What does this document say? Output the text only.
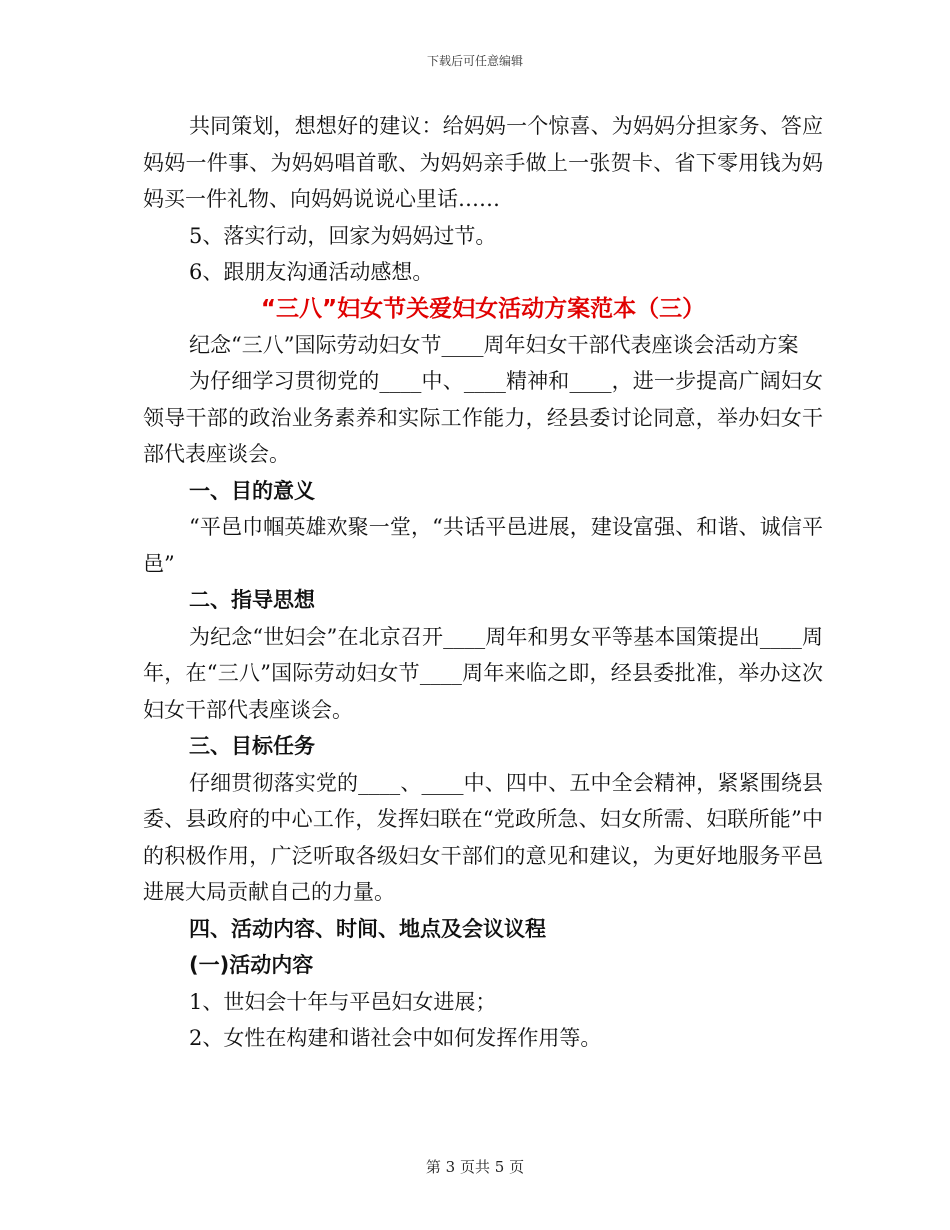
下载后可任意编辑

共同策划，想想好的建议：给妈妈一个惊喜、为妈妈分担家务、答应妈妈一件事、为妈妈唱首歌、为妈妈亲手做上一张贺卡、省下零用钱为妈妈买一件礼物、向妈妈说说心里话……

5、落实行动，回家为妈妈过节。

6、跟朋友沟通活动感想。

“三八”妇女节关爱妇女活动方案范本（三）

纪念“三八”国际劳动妇女节____周年妇女干部代表座谈会活动方案

为仔细学习贯彻党的____中、____精神和____，进一步提高广阔妇女领导干部的政治业务素养和实际工作能力，经县委讨论同意，举办妇女干部代表座谈会。

一、目的意义

“平邑巾帼英雄欢聚一堂，“共话平邑进展，建设富强、和谐、诚信平邑”

二、指导思想

为纪念“世妇会”在北京召开____周年和男女平等基本国策提出____周年，在“三八”国际劳动妇女节____周年来临之即，经县委批准，举办这次妇女干部代表座谈会。

三、目标任务

仔细贯彻落实党的____、____中、四中、五中全会精神，紧紧围绕县委、县政府的中心工作，发挥妇联在“党政所急、妇女所需、妇联所能”中的积极作用，广泛听取各级妇女干部们的意见和建议，为更好地服务平邑进展大局贡献自己的力量。

四、活动内容、时间、地点及会议议程

(一)活动内容

1、世妇会十年与平邑妇女进展；

2、女性在构建和谐社会中如何发挥作用等。

第 3 页共 5 页
